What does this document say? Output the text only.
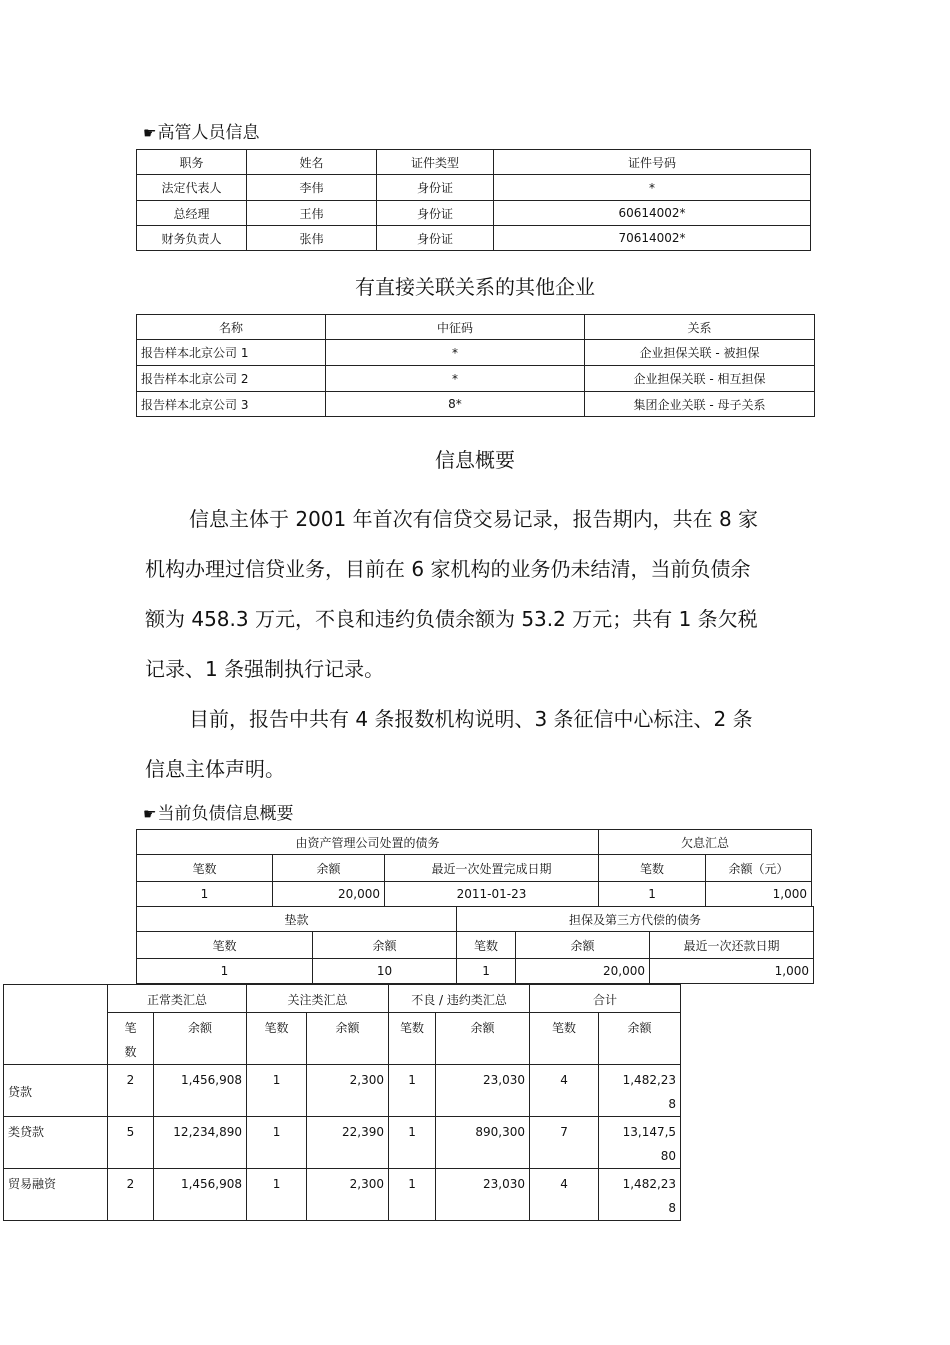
☛高管人员信息
职务	姓名	证件类型	证件号码
法定代表人	李伟	身份证	*
总经理	王伟	身份证	60614002*
财务负责人	张伟	身份证	70614002*
有直接关联关系的其他企业
名称	中征码	关系
报告样本北京公司 1	*	企业担保关联 - 被担保
报告样本北京公司 2	*	企业担保关联 - 相互担保
报告样本北京公司 3	8*	集团企业关联 - 母子关系
信息概要
信息主体于 2001 年首次有信贷交易记录，报告期内，共在 8 家
机构办理过信贷业务，目前在 6 家机构的业务仍未结清，当前负债余
额为 458.3 万元，不良和违约负债余额为 53.2 万元；共有 1 条欠税
记录、1 条强制执行记录。
目前，报告中共有 4 条报数机构说明、3 条征信中心标注、2 条
信息主体声明。
☛当前负债信息概要
由资产管理公司处置的债务			欠息汇总	
笔数	余额	最近一次处置完成日期	笔数	余额（元）
1	20,000	2011-01-23	1	1,000
垫款		担保及第三方代偿的债务		
笔数	余额	笔数	余额	最近一次还款日期
1	10	1	20,000	1,000
	正常类汇总		关注类汇总		不良 / 违约类汇总		合计	

	笔
数	余额	笔数	余额	笔数	余额	笔数	余额
贷款	2	1,456,908	1	2,300	1	23,030	4	1,482,23
8

类贷款	5	12,234,890	1	22,390	1	890,300	7	13,147,5
80

贸易融资	2	1,456,908	1	2,300	1	23,030	4	1,482,23
8
